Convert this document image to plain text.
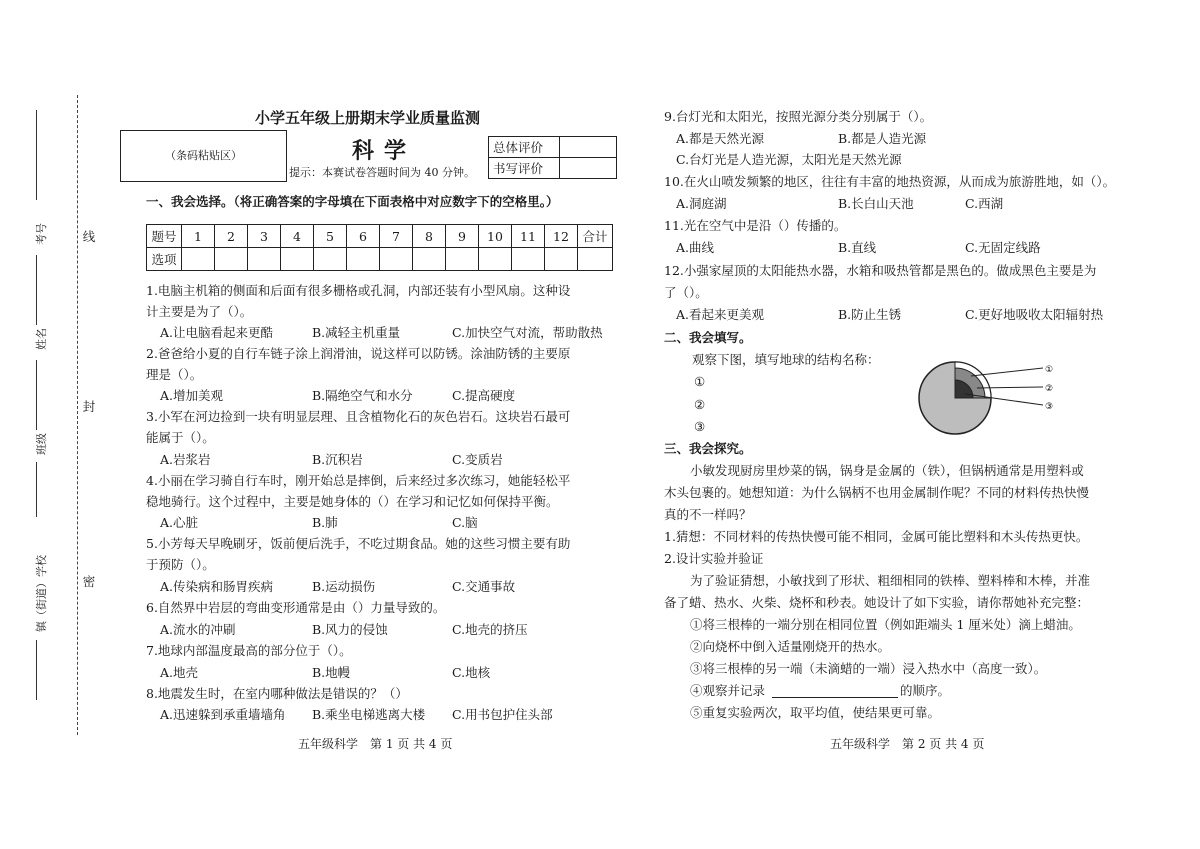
线
封
密
考号
姓名
班级
镇（街道）学校
小学五年级上册期末学业质量监测
（条码粘贴区）	科学
提示：本赛试卷答题时间为 40 分钟。
总体评价	
书写评价	
一、我会选择。（将正确答案的字母填在下面表格中对应数字下的空格里。）
题号	1	2	3	4	5	6	7	8	9	10	11	12	合计
选项													
1.电脑主机箱的侧面和后面有很多栅格或孔洞，内部还装有小型风扇。这种设
计主要是为了（）。
A.让电脑看起来更酷	B.减轻主机重量	C.加快空气对流，帮助散热
2.爸爸给小夏的自行车链子涂上润滑油，说这样可以防锈。涂油防锈的主要原
理是（）。
A.增加美观	B.隔绝空气和水分	C.提高硬度
3.小军在河边捡到一块有明显层理、且含植物化石的灰色岩石。这块岩石最可
能属于（）。
A.岩浆岩	B.沉积岩	C.变质岩
4.小丽在学习骑自行车时，刚开始总是摔倒，后来经过多次练习，她能轻松平
稳地骑行。这个过程中，主要是她身体的（）在学习和记忆如何保持平衡。
A.心脏	B.肺	C.脑
5.小芳每天早晚刷牙，饭前便后洗手，不吃过期食品。她的这些习惯主要有助
于预防（）。
A.传染病和肠胃疾病	B.运动损伤	C.交通事故
6.自然界中岩层的弯曲变形通常是由（）力量导致的。
A.流水的冲刷	B.风力的侵蚀	C.地壳的挤压
7.地球内部温度最高的部分位于（）。
A.地壳	B.地幔	C.地核
8.地震发生时，在室内哪种做法是错误的？（）
A.迅速躲到承重墙墙角 B.乘坐电梯逃离大楼 C.用书包护住头部
五年级科学　第 1 页 共 4 页
9.台灯光和太阳光，按照光源分类分别属于（）。
A.都是天然光源	B.都是人造光源
C.台灯光是人造光源，太阳光是天然光源
10.在火山喷发频繁的地区，往往有丰富的地热资源，从而成为旅游胜地，如（）。
A.洞庭湖	B.长白山天池	C.西湖
11.光在空气中是沿（）传播的。
A.曲线	B.直线	C.无固定线路
12.小强家屋顶的太阳能热水器，水箱和吸热管都是黑色的。做成黑色主要是为
了（）。
A.看起来更美观	B.防止生锈	C.更好地吸收太阳辐射热
二、我会填写。
观察下图，填写地球的结构名称：
①
②
③
①
②
③
三、我会探究。
小敏发现厨房里炒菜的锅，锅身是金属的（铁），但锅柄通常是用塑料或
木头包裹的。她想知道：为什么锅柄不也用金属制作呢？不同的材料传热快慢
真的不一样吗？
1.猜想：不同材料的传热快慢可能不相同，金属可能比塑料和木头传热更快。
2.设计实验并验证
为了验证猜想，小敏找到了形状、粗细相同的铁棒、塑料棒和木棒，并准
备了蜡、热水、火柴、烧杯和秒表。她设计了如下实验，请你帮她补充完整：
①将三根棒的一端分别在相同位置（例如距端头 1 厘米处）滴上蜡油。
②向烧杯中倒入适量刚烧开的热水。
③将三根棒的另一端（未滴蜡的一端）浸入热水中（高度一致）。
④观察并记录	的顺序。
⑤重复实验两次，取平均值，使结果更可靠。
五年级科学　第 2 页 共 4 页
